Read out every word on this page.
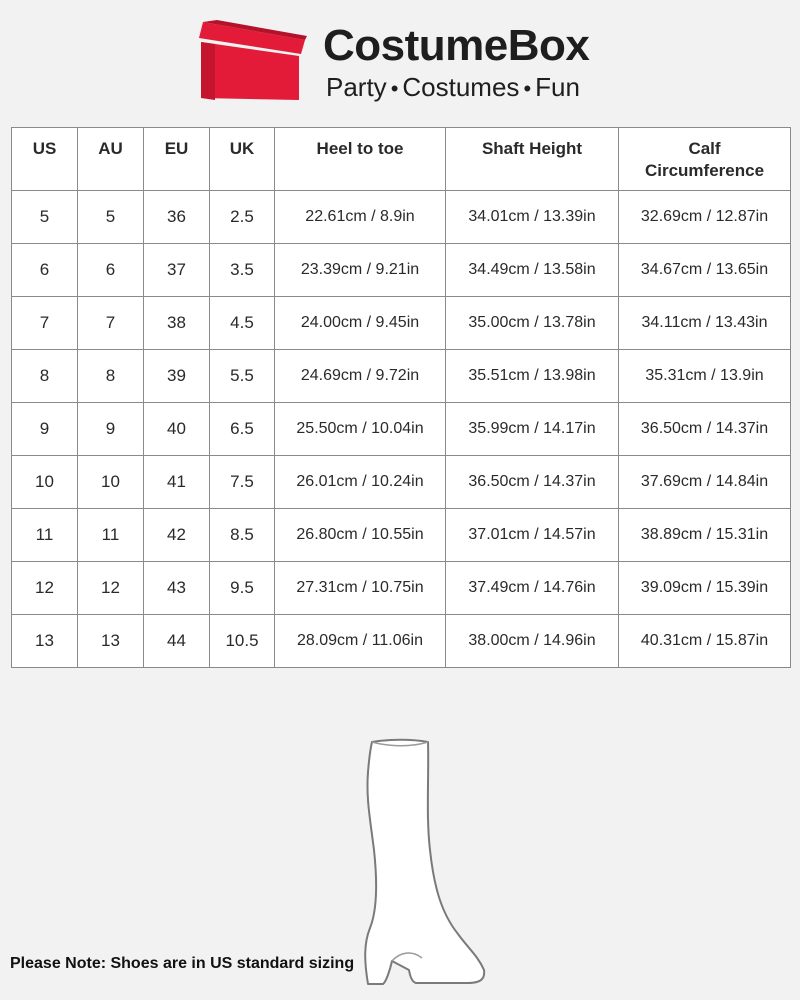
CostumeBox
Party • Costumes • Fun
US	AU	EU	UK	Heel to toe	Shaft Height	Calf Circumference
5	5	36	2.5	22.61cm / 8.9in	34.01cm / 13.39in	32.69cm / 12.87in
6	6	37	3.5	23.39cm / 9.21in	34.49cm / 13.58in	34.67cm / 13.65in
7	7	38	4.5	24.00cm / 9.45in	35.00cm / 13.78in	34.11cm / 13.43in
8	8	39	5.5	24.69cm / 9.72in	35.51cm / 13.98in	35.31cm / 13.9in
9	9	40	6.5	25.50cm / 10.04in	35.99cm / 14.17in	36.50cm / 14.37in
10	10	41	7.5	26.01cm / 10.24in	36.50cm / 14.37in	37.69cm / 14.84in
11	11	42	8.5	26.80cm / 10.55in	37.01cm / 14.57in	38.89cm / 15.31in
12	12	43	9.5	27.31cm / 10.75in	37.49cm / 14.76in	39.09cm / 15.39in
13	13	44	10.5	28.09cm / 11.06in	38.00cm / 14.96in	40.31cm / 15.87in
Please Note: Shoes are in US standard sizing
